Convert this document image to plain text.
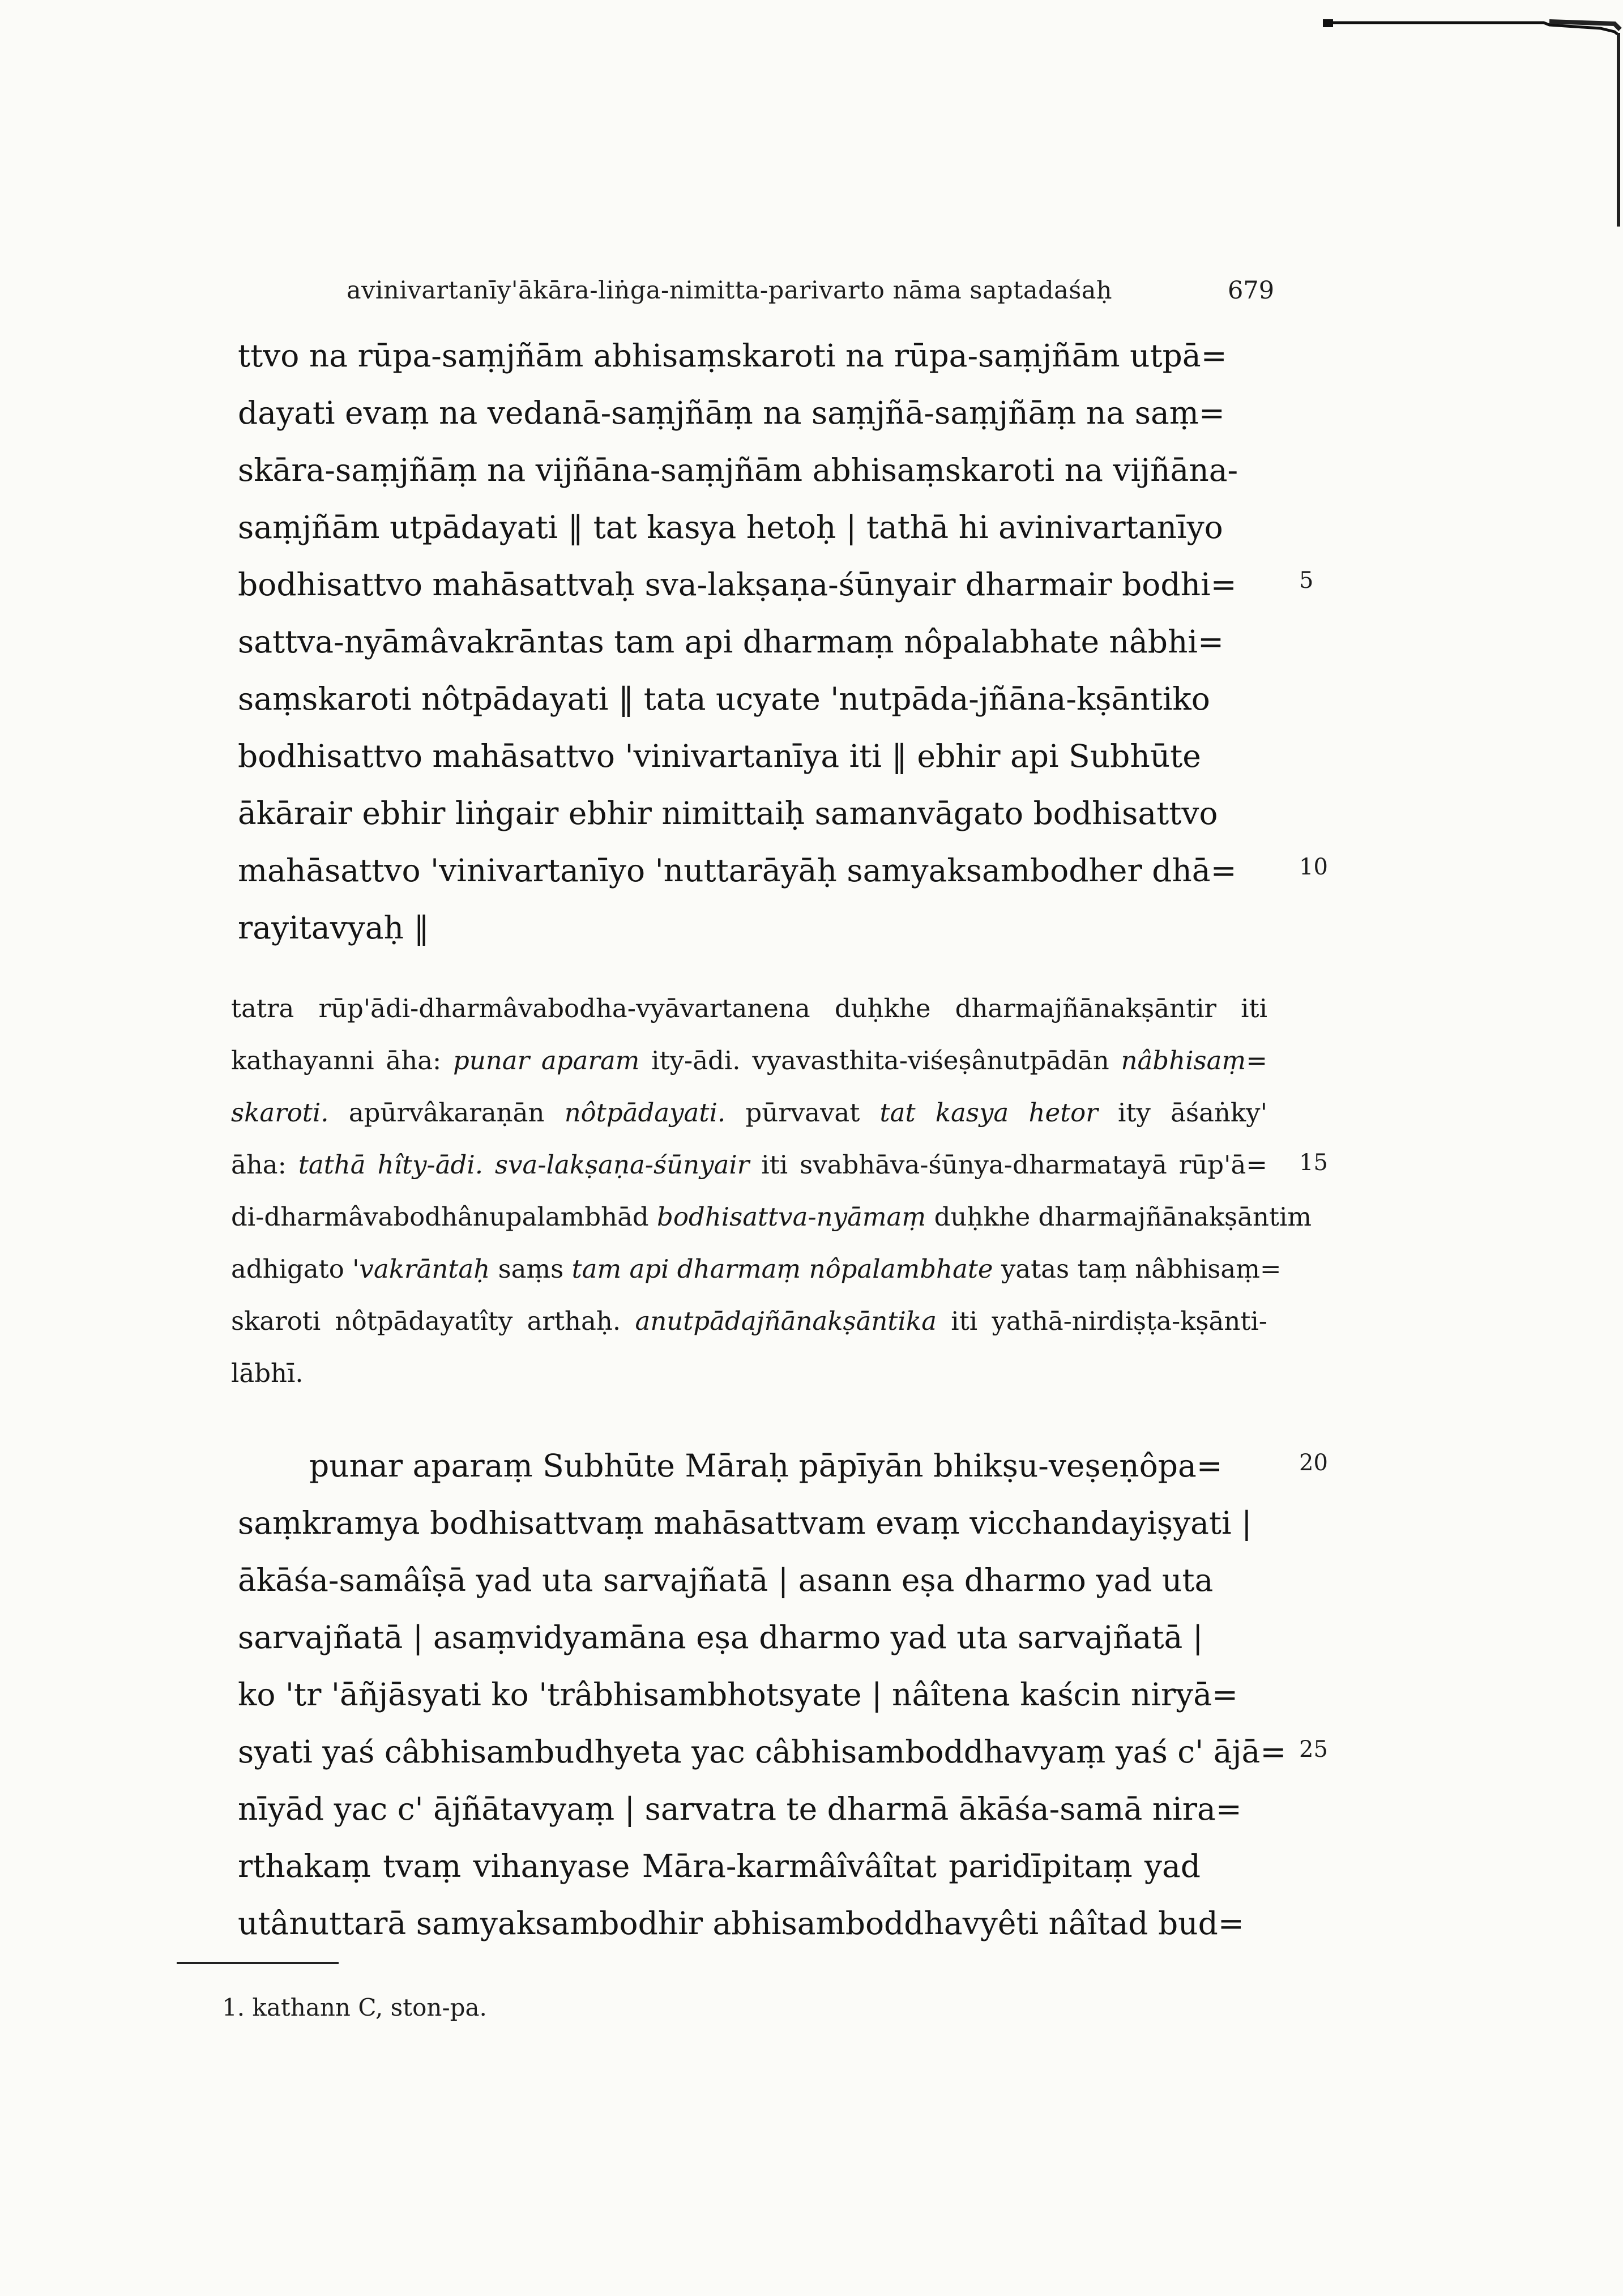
avinivartanīy'ākāra-liṅga-nimitta-parivarto nāma saptadaśaḥ	679
ttvo na rūpa-saṃjñām abhisaṃskaroti na rūpa-saṃjñām utpā=
dayati evaṃ na vedanā-saṃjñāṃ na saṃjñā-saṃjñāṃ na saṃ=
skāra-saṃjñāṃ na vijñāna-saṃjñām abhisaṃskaroti na vijñāna-
saṃjñām utpādayati ‖ tat kasya hetoḥ | tathā hi avinivartanīyo
bodhisattvo mahāsattvaḥ sva-lakṣaṇa-śūnyair dharmair bodhi=
sattva-nyāmâvakrāntas tam api dharmaṃ nôpalabhate nâbhi=
saṃskaroti nôtpādayati ‖ tata ucyate 'nutpāda-jñāna-kṣāntiko
bodhisattvo mahāsattvo 'vinivartanīya iti ‖ ebhir api Subhūte
ākārair ebhir liṅgair ebhir nimittaiḥ samanvāgato bodhisattvo
mahāsattvo 'vinivartanīyo 'nuttarāyāḥ samyaksambodher dhā=
rayitavyaḥ ‖
tatra rūp'ādi-dharmâvabodha-vyāvartanena duḥkhe dharmajñānakṣāntir iti
kathayanni āha: punar aparam ity-ādi. vyavasthita-viśeṣânutpādān nâbhisaṃ=
skaroti. apūrvâkaraṇān nôtpādayati. pūrvavat tat kasya hetor ity āśaṅky'
āha: tathā hîty-ādi. sva-lakṣaṇa-śūnyair iti svabhāva-śūnya-dharmatayā rūp'ā=
di-dharmâvabodhânupalambhād bodhisattva-nyāmaṃ duḥkhe dharmajñānakṣāntim
adhigato 'vakrāntaḥ saṃs tam api dharmaṃ nôpalambhate yatas taṃ nâbhisaṃ=
skaroti nôtpādayatîty arthaḥ. anutpādajñānakṣāntika iti yathā-nirdiṣṭa-kṣānti-
lābhī.
punar aparaṃ Subhūte Māraḥ pāpīyān bhikṣu-veṣeṇôpa=
saṃkramya bodhisattvaṃ mahāsattvam evaṃ vicchandayiṣyati |
ākāśa-samâîṣā yad uta sarvajñatā | asann eṣa dharmo yad uta
sarvajñatā | asaṃvidyamāna eṣa dharmo yad uta sarvajñatā |
ko 'tr 'āñjāsyati ko 'trâbhisambhotsyate | nâîtena kaścin niryā=
syati yaś câbhisambudhyeta yac câbhisamboddhavyaṃ yaś c' ājā=
nīyād yac c' ājñātavyaṃ | sarvatra te dharmā ākāśa-samā nira=
rthakaṃ tvaṃ vihanyase Māra-karmâîvâîtat paridīpitaṃ yad
utânuttarā samyaksambodhir abhisamboddhavyêti nâîtad bud=
5
10
15
20
25
1. kathann C, ston-pa.
